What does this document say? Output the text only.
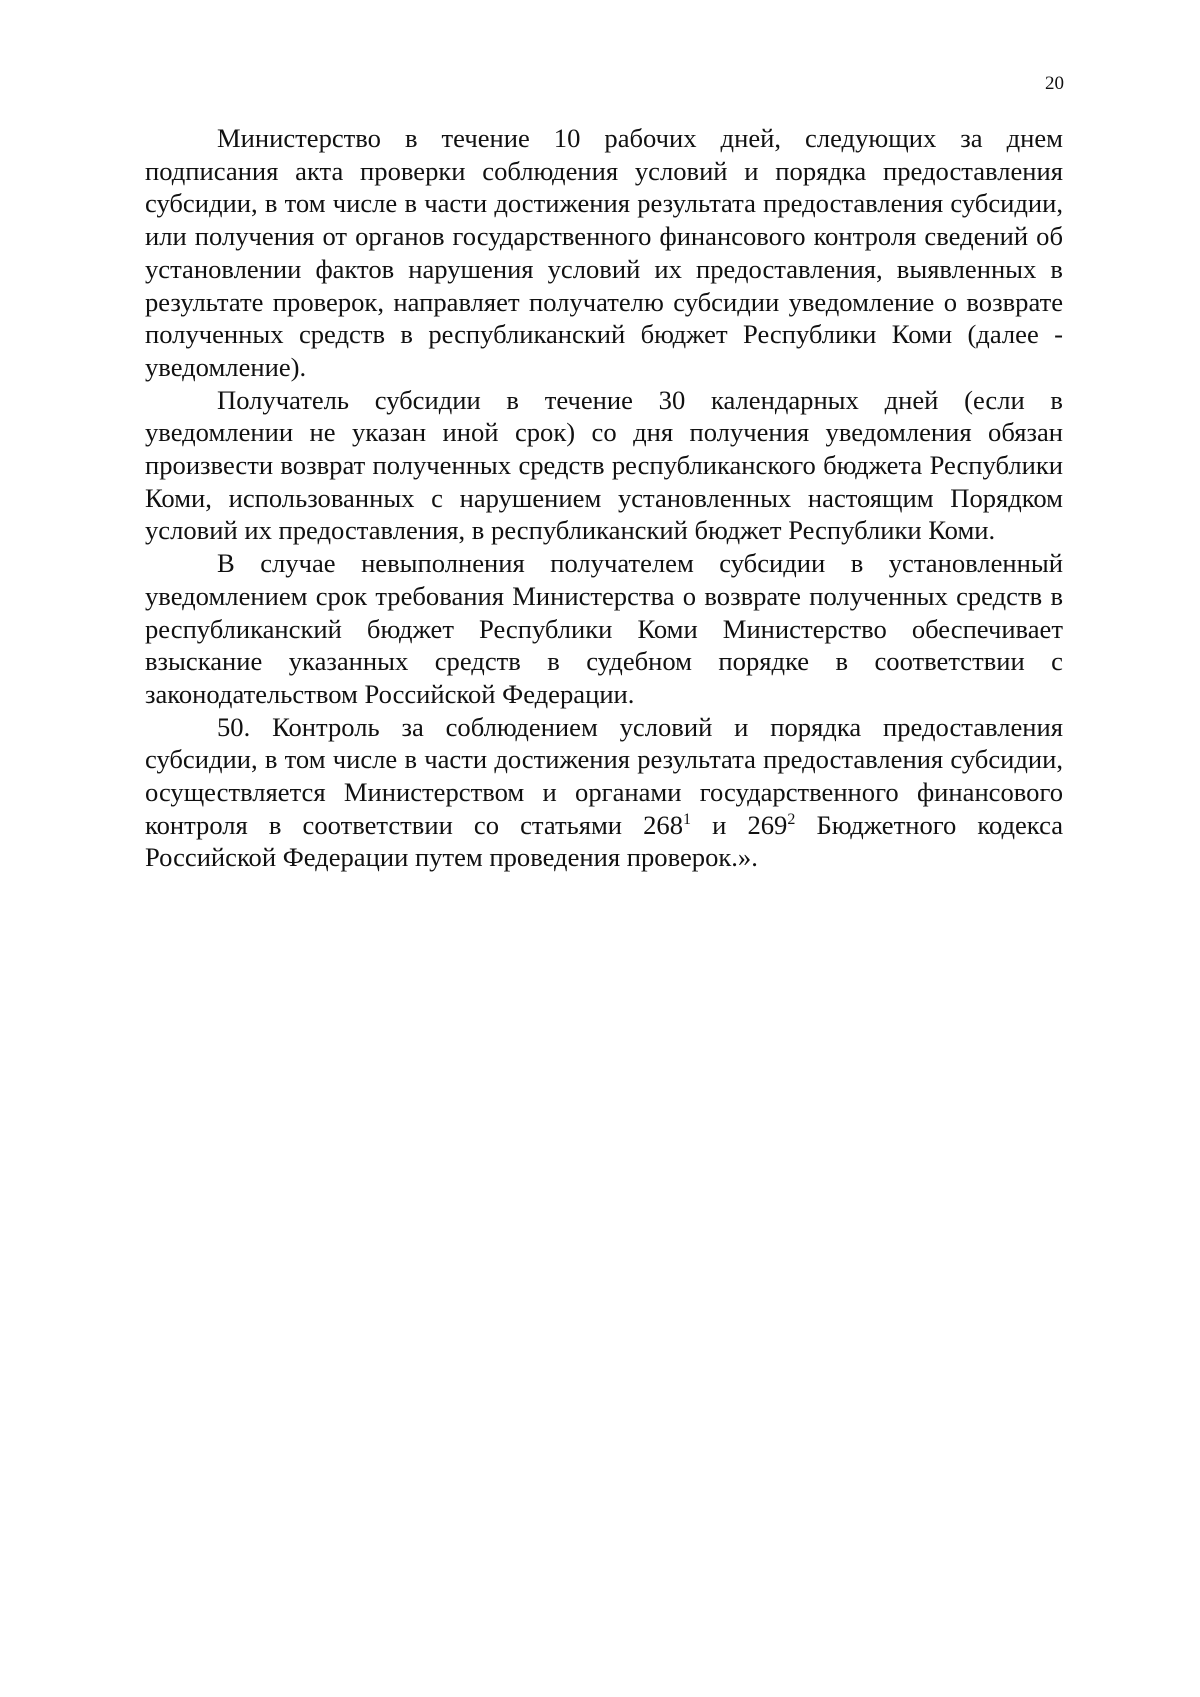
20

Министерство в течение 10 рабочих дней, следующих за днем подписания акта проверки соблюдения условий и порядка предоставления субсидии, в том числе в части достижения результата предоставления субсидии, или получения от органов государственного финансового контроля сведений об установлении фактов нарушения условий их предоставления, выявленных в результате проверок, направляет получателю субсидии уведомление о возврате полученных средств в республиканский бюджет Республики Коми (далее - уведомление).

Получатель субсидии в течение 30 календарных дней (если в уведомлении не указан иной срок) со дня получения уведомления обязан произвести возврат полученных средств республиканского бюджета Республики Коми, использованных с нарушением установленных настоящим Порядком условий их предоставления, в республиканский бюджет Республики Коми.

В случае невыполнения получателем субсидии в установленный уведомлением срок требования Министерства о возврате полученных средств в республиканский бюджет Республики Коми Министерство обеспечивает взыскание указанных средств в судебном порядке в соответствии с законодательством Российской Федерации.

50. Контроль за соблюдением условий и порядка предоставления субсидии, в том числе в части достижения результата предоставления субсидии, осуществляется Министерством и органами государственного финансового контроля в соответствии со статьями $268^1$ и $269^2$ Бюджетного кодекса Российской Федерации путем проведения проверок.».
